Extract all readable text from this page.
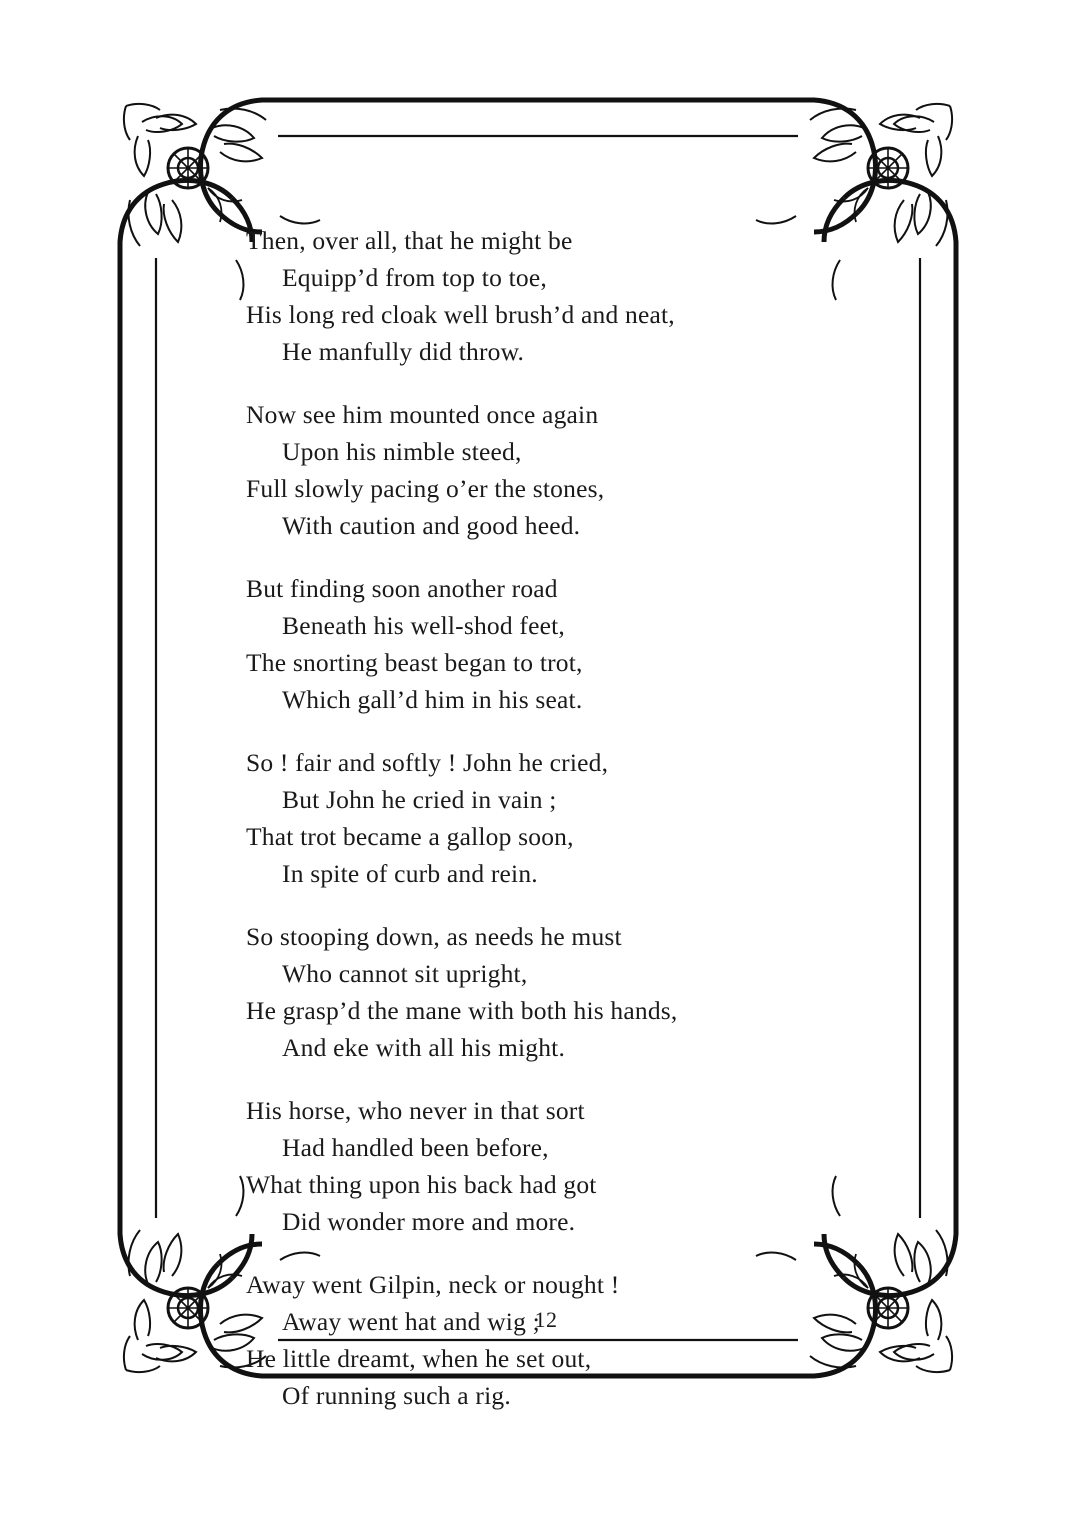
Then, over all, that he might be
Equipp’d from top to toe,
His long red cloak well brush’d and neat,
He manfully did throw.
Now see him mounted once again
Upon his nimble steed,
Full slowly pacing o’er the stones,
With caution and good heed.
But finding soon another road
Beneath his well-shod feet,
The snorting beast began to trot,
Which gall’d him in his seat.
So ! fair and softly ! John he cried,
But John he cried in vain ;
That trot became a gallop soon,
In spite of curb and rein.
So stooping down, as needs he must
Who cannot sit upright,
He grasp’d the mane with both his hands,
And eke with all his might.
His horse, who never in that sort
Had handled been before,
What thing upon his back had got
Did wonder more and more.
Away went Gilpin, neck or nought !
Away went hat and wig ;
He little dreamt, when he set out,
Of running such a rig.
12
